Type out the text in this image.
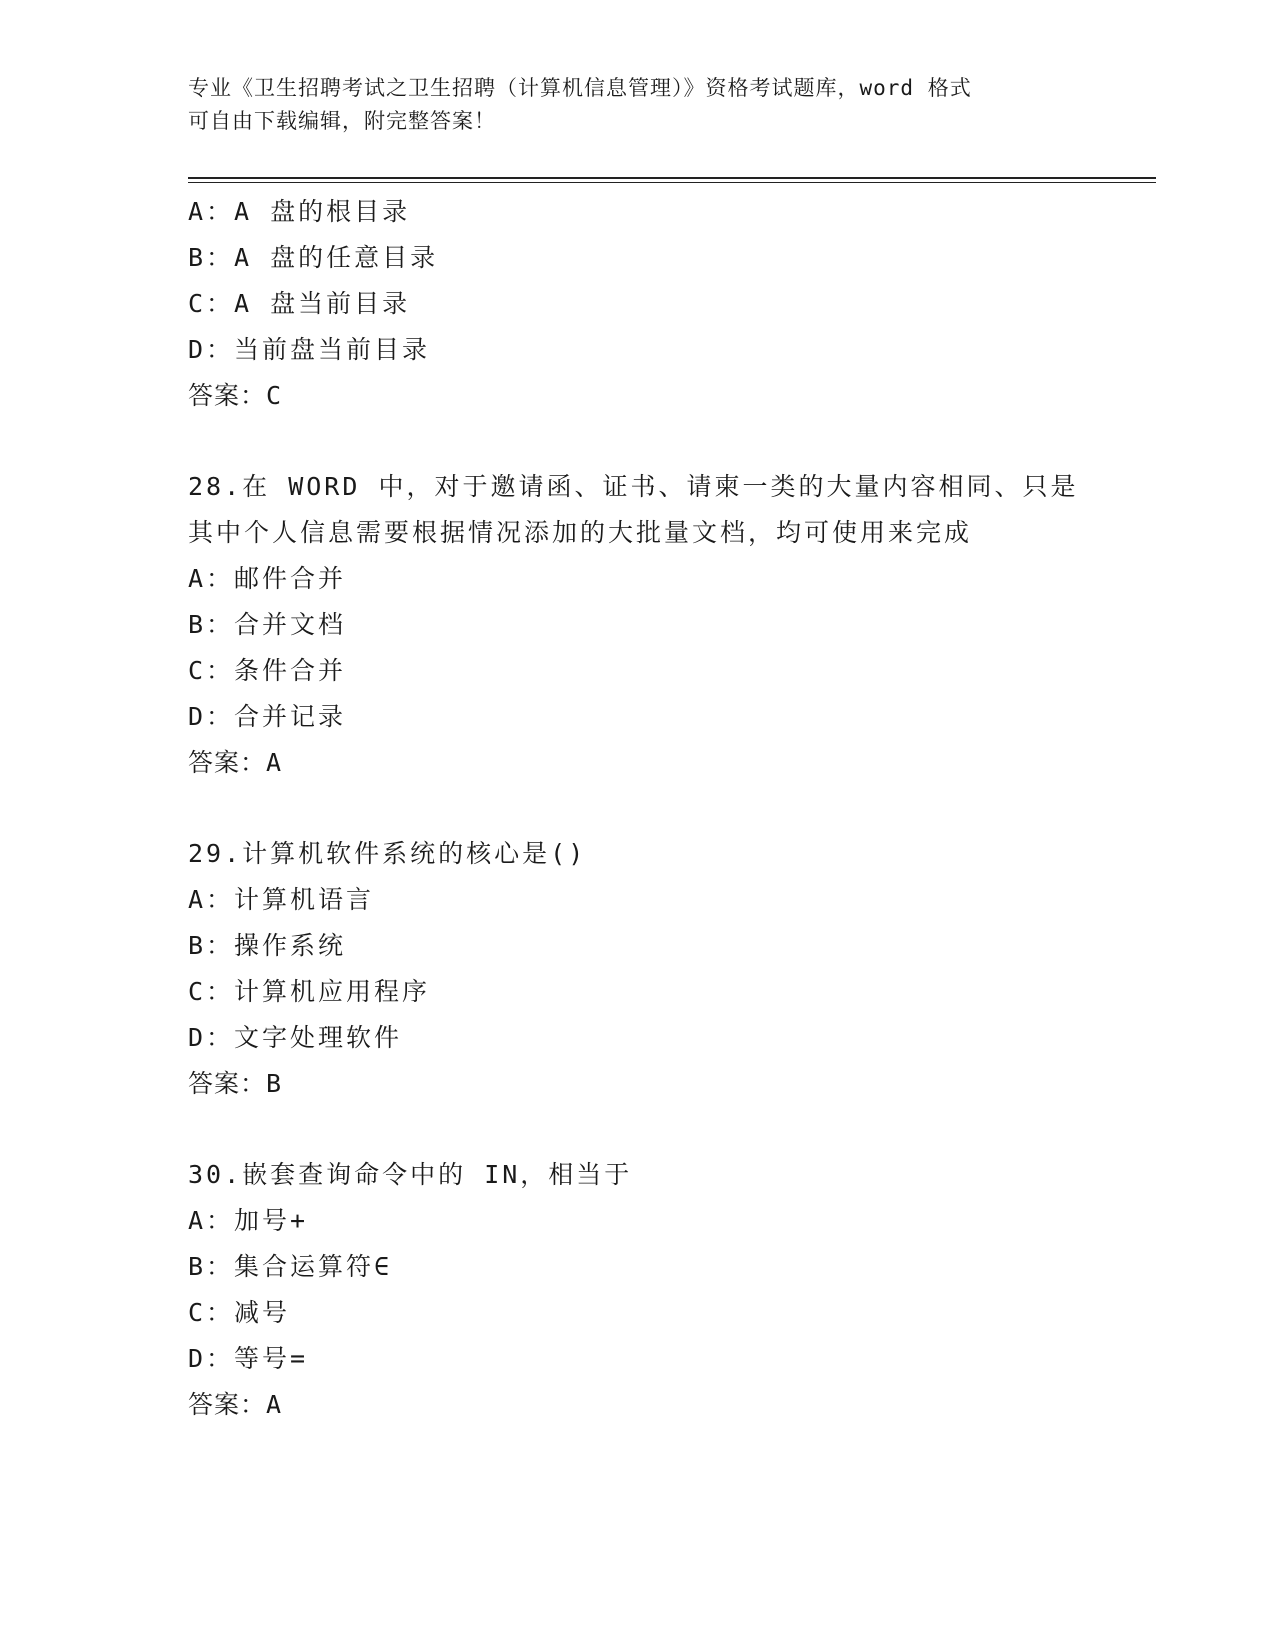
专业《卫生招聘考试之卫生招聘（计算机信息管理）》资格考试题库，word 格式
可自由下载编辑，附完整答案！
A：A 盘的根目录
B：A 盘的任意目录
C：A 盘当前目录
D：当前盘当前目录
答案：C
28.在 WORD 中，对于邀请函、证书、请柬一类的大量内容相同、只是
其中个人信息需要根据情况添加的大批量文档，均可使用来完成
A：邮件合并
B：合并文档
C：条件合并
D：合并记录
答案：A
29.计算机软件系统的核心是()
A：计算机语言
B：操作系统
C：计算机应用程序
D：文字处理软件
答案：B
30.嵌套查询命令中的 IN，相当于
A：加号+
B：集合运算符∈
C：减号
D：等号=
答案：A
